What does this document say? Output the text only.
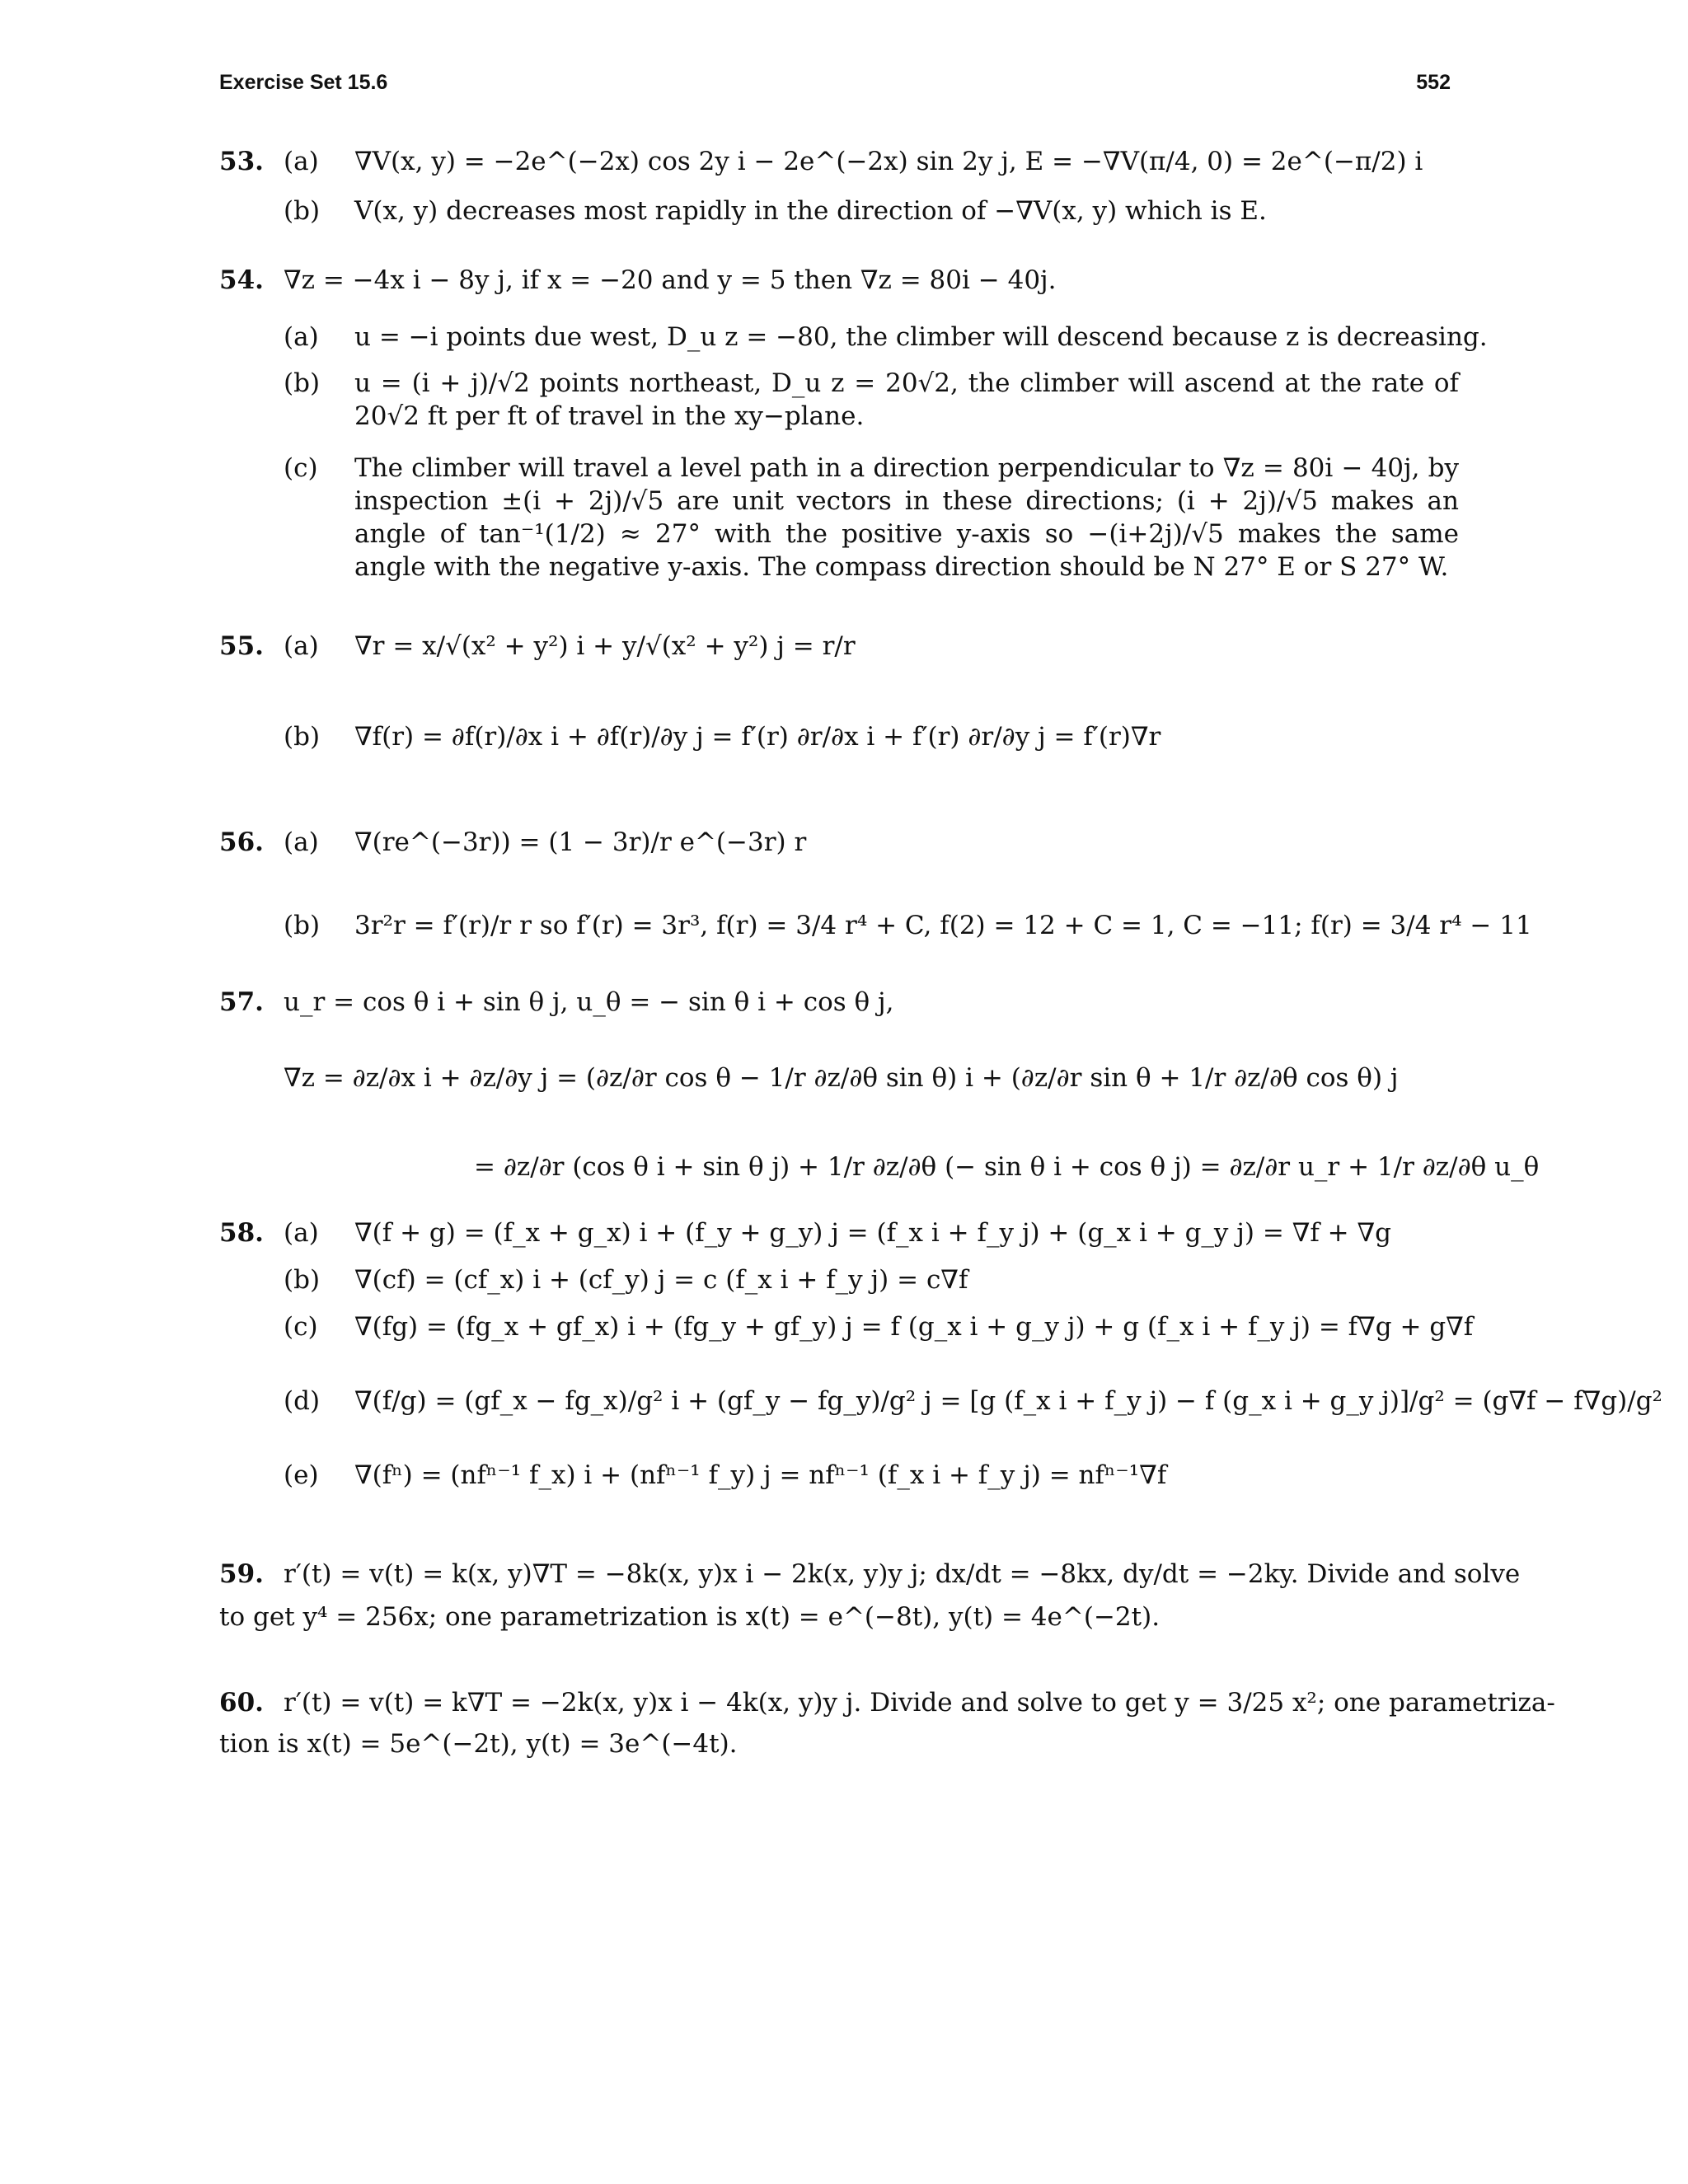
Exercise Set 15.6	552
53. (a) ∇V(x, y) = −2e^(−2x) cos 2y i − 2e^(−2x) sin 2y j, E = −∇V(π/4, 0) = 2e^(−π/2) i
(b) V(x, y) decreases most rapidly in the direction of −∇V(x, y) which is E.
54. ∇z = −4x i − 8y j, if x = −20 and y = 5 then ∇z = 80i − 40j.
(a) u = −i points due west, D_u z = −80, the climber will descend because z is decreasing.
(b) u = (i + j)/√2 points northeast, D_u z = 20√2, the climber will ascend at the rate of 20√2 ft per ft of travel in the xy−plane.
(c) The climber will travel a level path in a direction perpendicular to ∇z = 80i − 40j, by inspection ±(i + 2j)/√5 are unit vectors in these directions; (i + 2j)/√5 makes an angle of tan⁻¹(1/2) ≈ 27° with the positive y-axis so −(i+2j)/√5 makes the same angle with the negative y-axis. The compass direction should be N 27° E or S 27° W.
55. (a) ∇r = x/√(x² + y²) i + y/√(x² + y²) j = r/r
(b) ∇f(r) = ∂f(r)/∂x i + ∂f(r)/∂y j = f′(r) ∂r/∂x i + f′(r) ∂r/∂y j = f′(r)∇r
56. (a) ∇(re^(−3r)) = (1 − 3r)/r e^(−3r) r
(b) 3r²r = f′(r)/r r so f′(r) = 3r³, f(r) = 3/4 r⁴ + C, f(2) = 12 + C = 1, C = −11; f(r) = 3/4 r⁴ − 11
57. u_r = cos θ i + sin θ j, u_θ = − sin θ i + cos θ j,
∇z = ∂z/∂x i + ∂z/∂y j = (∂z/∂r cos θ − 1/r ∂z/∂θ sin θ) i + (∂z/∂r sin θ + 1/r ∂z/∂θ cos θ) j
= ∂z/∂r (cos θ i + sin θ j) + 1/r ∂z/∂θ (− sin θ i + cos θ j) = ∂z/∂r u_r + 1/r ∂z/∂θ u_θ
58. (a) ∇(f + g) = (f_x + g_x) i + (f_y + g_y) j = (f_x i + f_y j) + (g_x i + g_y j) = ∇f + ∇g
(b) ∇(cf) = (cf_x) i + (cf_y) j = c (f_x i + f_y j) = c∇f
(c) ∇(fg) = (fg_x + gf_x) i + (fg_y + gf_y) j = f (g_x i + g_y j) + g (f_x i + f_y j) = f∇g + g∇f
(d) ∇(f/g) = (gf_x − fg_x)/g² i + (gf_y − fg_y)/g² j = [g (f_x i + f_y j) − f (g_x i + g_y j)]/g² = (g∇f − f∇g)/g²
(e) ∇(fⁿ) = (nfⁿ⁻¹ f_x) i + (nfⁿ⁻¹ f_y) j = nfⁿ⁻¹ (f_x i + f_y j) = nfⁿ⁻¹∇f
59. r′(t) = v(t) = k(x, y)∇T = −8k(x, y)x i − 2k(x, y)y j; dx/dt = −8kx, dy/dt = −2ky. Divide and solve
to get y⁴ = 256x; one parametrization is x(t) = e^(−8t), y(t) = 4e^(−2t).
60. r′(t) = v(t) = k∇T = −2k(x, y)x i − 4k(x, y)y j. Divide and solve to get y = 3/25 x²; one parametriza-
tion is x(t) = 5e^(−2t), y(t) = 3e^(−4t).
